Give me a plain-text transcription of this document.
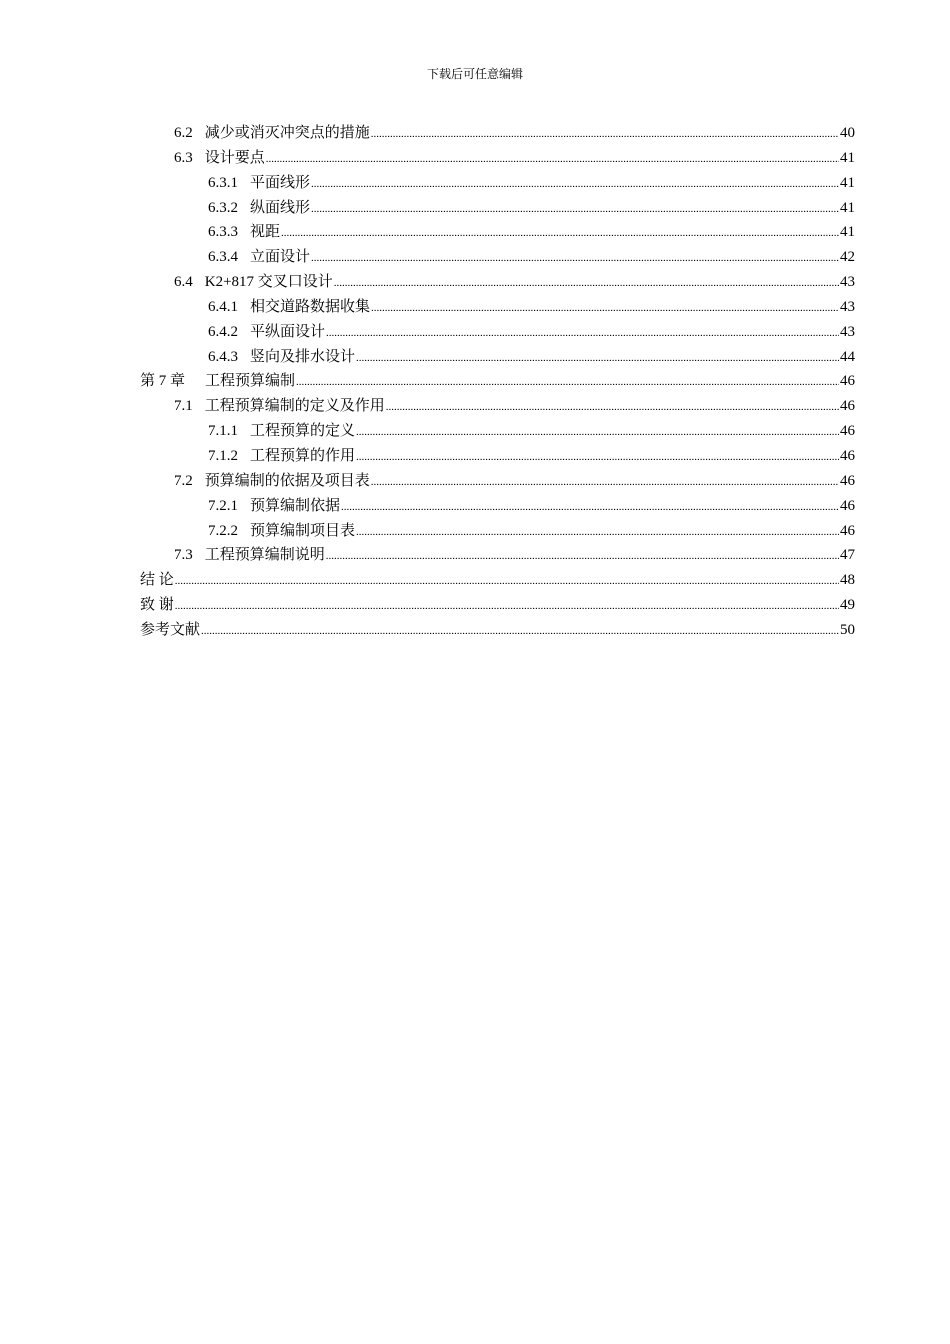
下载后可任意编辑
6.2 减少或消灭冲突点的措施 .....	40
6.3 设计要点 .....	41
6.3.1 平面线形 .....	41
6.3.2 纵面线形 .....	41
6.3.3 视距 .....	41
6.3.4 立面设计 .....	42
6.4 K2+817 交叉口设计 .....	43
6.4.1 相交道路数据收集 .....	43
6.4.2 平纵面设计 .....	43
6.4.3 竖向及排水设计 .....	44
第 7 章 工程预算编制 .....	46
7.1 工程预算编制的定义及作用 .....	46
7.1.1 工程预算的定义 .....	46
7.1.2 工程预算的作用 .....	46
7.2 预算编制的依据及项目表 .....	46
7.2.1 预算编制依据 .....	46
7.2.2 预算编制项目表 .....	46
7.3 工程预算编制说明 .....	47
结 论 .....	48
致 谢 .....	49
参考文献 .....	50
